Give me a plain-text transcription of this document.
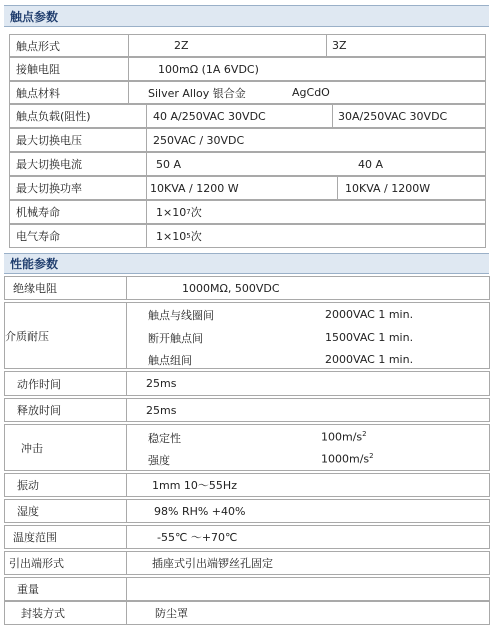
触点参数
触点形式	2Z	3Z
接触电阻	100mΩ (1A 6VDC)
触点材料	Silver Alloy 银合金	AgCdO
触点负载(阻性)	40 A/250VAC 30VDC	30A/250VAC 30VDC
最大切换电压	250VAC / 30VDC
最大切换电流	50 A	40 A
最大切换功率	10KVA / 1200 W	10KVA / 1200W
机械寿命	1×10 7 次
电气寿命	1×10 5 次
性能参数
绝缘电阻	1000MΩ, 500VDC
介质耐压
触点与线圈间	2000VAC 1 min.
断开触点间	1500VAC 1 min.
触点组间	2000VAC 1 min.
动作时间	25ms
释放时间	25ms
冲击
稳定性	$100m/s^2$
强度	$1000m/s^2$
振动	1mm 10～55Hz
湿度	98% RH% +40%
温度范围	-55℃ ～+70℃
引出端形式	插座式引出端锣丝孔固定
重量
封装方式	防尘罩
